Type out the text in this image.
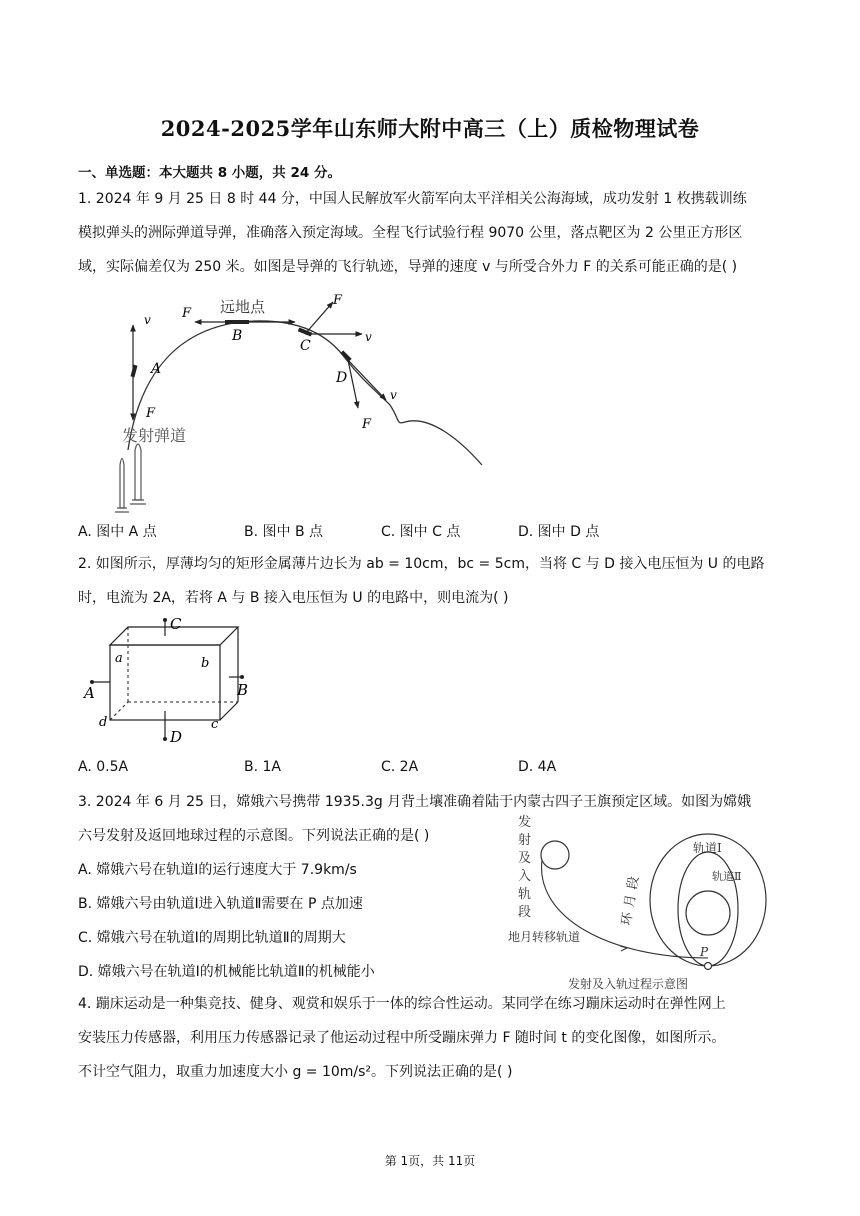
2024-2025学年山东师大附中高三（上）质检物理试卷
一、单选题：本大题共 8 小题，共 24 分。
1. 2024 年 9 月 25 日 8 时 44 分，中国人民解放军火箭军向太平洋相关公海海域，成功发射 1 枚携载训练
模拟弹头的洲际弹道导弹，准确落入预定海域。全程飞行试验行程 9070 公里，落点靶区为 2 公里正方形区
域，实际偏差仅为 250 米。如图是导弹的飞行轨迹，导弹的速度 v 与所受合外力 F 的关系可能正确的是( )
v
A
F
F 远地点
B
F
v
C
D
v
F
发射弹道
A. 图中 A 点	B. 图中 B 点	C. 图中 C 点	D. 图中 D 点
2. 如图所示，厚薄均匀的矩形金属薄片边长为 ab = 10cm，bc = 5cm，当将 C 与 D 接入电压恒为 U 的电路
时，电流为 2A，若将 A 与 B 接入电压恒为 U 的电路中，则电流为( )
C
a	b
A	B
d	c
D
A. 0.5A	B. 1A	C. 2A	D. 4A
3. 2024 年 6 月 25 日，嫦娥六号携带 1935.3g 月背土壤准确着陆于内蒙古四子王旗预定区域。如图为嫦娥
六号发射及返回地球过程的示意图。下列说法正确的是( )
A. 嫦娥六号在轨道Ⅰ的运行速度大于 7.9km/s
B. 嫦娥六号由轨道Ⅰ进入轨道Ⅱ需要在 P 点加速
C. 嫦娥六号在轨道Ⅰ的周期比轨道Ⅱ的周期大
D. 嫦娥六号在轨道Ⅰ的机械能比轨道Ⅱ的机械能小
发
射
及
入
轨
段
P
轨道Ⅰ
轨道Ⅱ
环
月
段
地月转移轨道
发射及入轨过程示意图
4. 蹦床运动是一种集竞技、健身、观赏和娱乐于一体的综合性运动。某同学在练习蹦床运动时在弹性网上
安装压力传感器，利用压力传感器记录了他运动过程中所受蹦床弹力 F 随时间 t 的变化图像，如图所示。
不计空气阻力，取重力加速度大小 g = 10m/s²。下列说法正确的是( )
第 1页，共 11页
